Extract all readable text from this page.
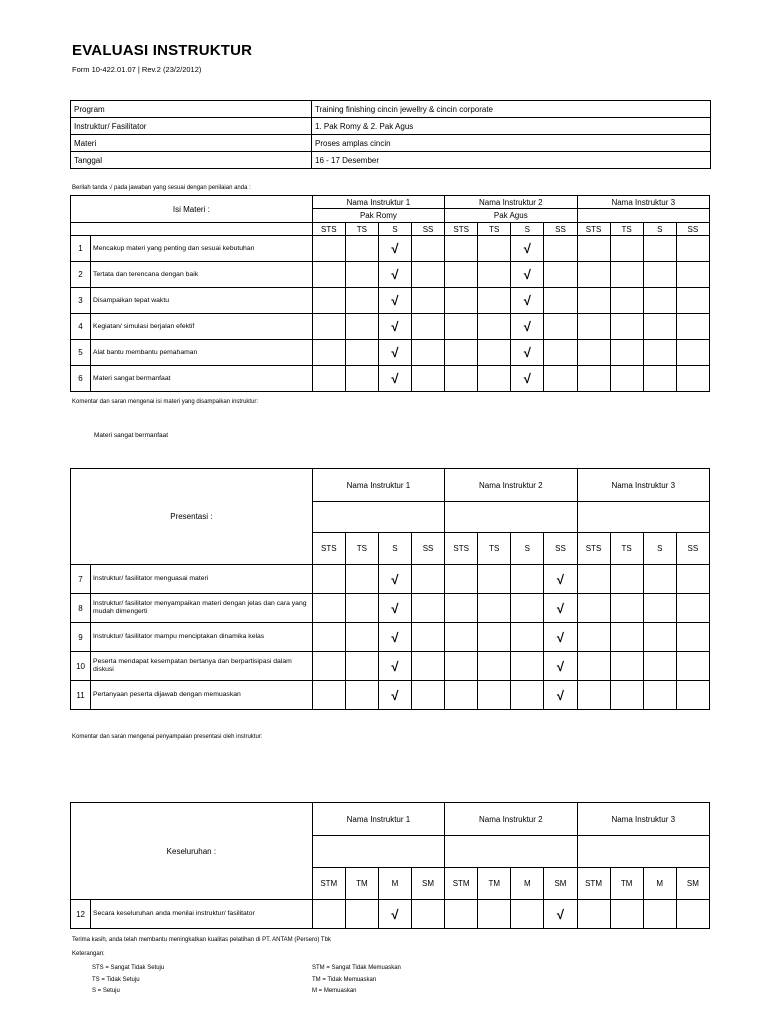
EVALUASI INSTRUKTUR
Form 10-422.01.07 | Rev.2 (23/2/2012)
Program	Training finishing cincin jewellry & cincin corporate
Instruktur/ Fasilitator	1. Pak Romy & 2. Pak Agus
Materi	Proses amplas cincin
Tanggal	16 - 17 Desember
Berilah tanda √ pada jawaban yang sesuai dengan penilaian anda :
Isi Materi :		Nama Instruktur 1				Nama Instruktur 2				Nama Instruktur 3			
		Pak Romy				Pak Agus							
		STS	TS	S	SS	STS	TS	S	SS	STS	TS	S	SS
1	Mencakup materi yang penting dan sesuai kebutuhan			√				√					
2	Tertata dan terencana dengan baik			√				√					
3	Disampaikan tepat waktu			√				√					
4	Kegiatan/ simulasi berjalan efektif			√				√					
5	Alat bantu membantu pemahaman			√				√					
6	Materi sangat bermanfaat			√				√					
Komentar dan saran mengenai isi materi yang disampaikan instruktur:
Materi sangat bermanfaat
Presentasi :		Nama Instruktur 1				Nama Instruktur 2				Nama Instruktur 3			

		STS	TS	S	SS	STS	TS	S	SS	STS	TS	S	SS
7	Instruktur/ fasilitator menguasai materi			√					√				
8	Instruktur/ fasilitator menyampaikan materi dengan jelas dan cara yang mudah dimengerti			√					√				
9	Instruktur/ fasilitator mampu menciptakan dinamika kelas			√					√				
10	Peserta mendapat kesempatan bertanya dan berpartisipasi dalam diskusi			√					√				
11	Pertanyaan peserta dijawab dengan memuaskan			√					√				
Komentar dan saran mengenai penyampaian presentasi oleh instruktur:
Keseluruhan :		Nama Instruktur 1				Nama Instruktur 2				Nama Instruktur 3			

		STM	TM	M	SM	STM	TM	M	SM	STM	TM	M	SM
12	Secara keseluruhan anda menilai instruktur/ fasilitator			√					√				
Terima kasih, anda telah membantu meningkatkan kualitas pelatihan di PT. ANTAM (Persero) Tbk
Keterangan:
STS = Sangat Tidak Setuju
TS = Tidak Setuju
S = Setuju
STM = Sangat Tidak Memuaskan
TM = Tidak Memuaskan
M = Memuaskan
